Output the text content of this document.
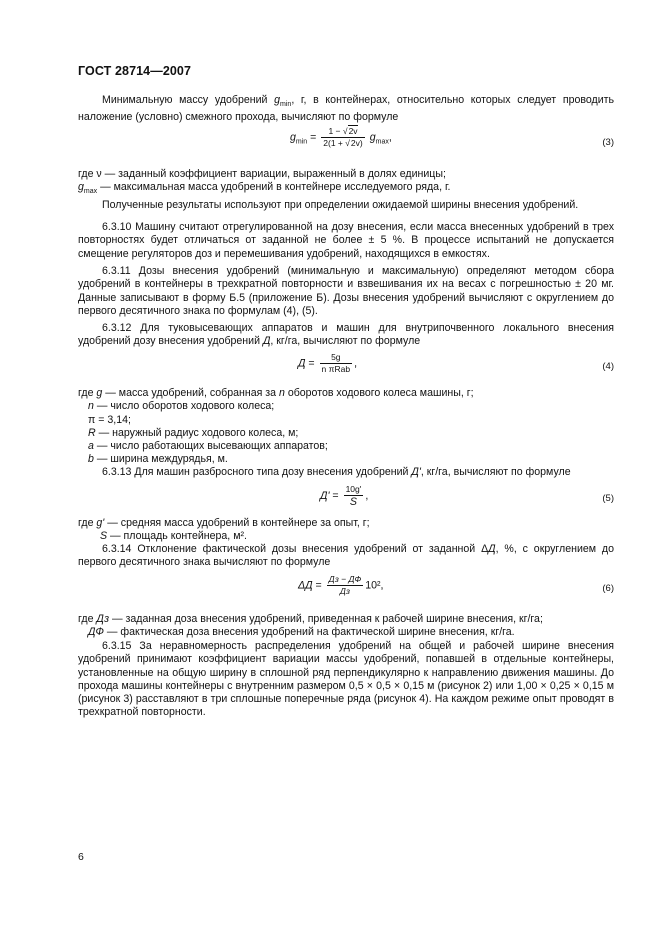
ГОСТ 28714—2007
Минимальную массу удобрений $g_{min}$, г, в контейнерах, относительно которых следует проводить наложение (условно) смежного прохода, вычисляют по формуле
$g_{min} = \frac{1 - √2v}{2(1 + √2v)} g_{max}$,	(3)
где ν — заданный коэффициент вариации, выраженный в долях единицы;
$g_{max}$ — максимальная масса удобрений в контейнере исследуемого ряда, г.
Полученные результаты используют при определении ожидаемой ширины внесения удобрений.
6.3.10 Машину считают отрегулированной на дозу внесения, если масса внесенных удобрений в трех повторностях будет отличаться от заданной не более ± 5 %. В процессе испытаний не допускается смещение регуляторов доз и перемешивания удобрений, находящихся в емкостях.
6.3.11 Дозы внесения удобрений (минимальную и максимальную) определяют методом сбора удобрений в контейнеры в трехкратной повторности и взвешивания их на весах с погрешностью ± 20 мг. Данные записывают в форму Б.5 (приложение Б). Дозы внесения удобрений вычисляют с округлением до первого десятичного знака по формулам (4), (5).
6.3.12 Для туковысевающих аппаратов и машин для внутрипочвенного локального внесения удобрений дозу внесения удобрений Д, кг/га, вычисляют по формуле
$Д = \frac{5g}{\text{n πRab}}$ ,	(4)
где g — масса удобрений, собранная за n оборотов ходового колеса машины, г;
n — число оборотов ходового колеса;
π = 3,14;
R — наружный радиус ходового колеса, м;
a — число работающих высевающих аппаратов;
b — ширина междурядья, м.
6.3.13 Для машин разбросного типа дозу внесения удобрений Д', кг/га, вычисляют по формуле
$Д' = \frac{10g'}{S}$ ,	(5)
где g' — средняя масса удобрений в контейнере за опыт, г;
S — площадь контейнера, м².
6.3.14 Отклонение фактической дозы внесения удобрений от заданной ΔД, %, с округлением до первого десятичного знака вычисляют по формуле
$\Delta Д = \frac{Дз - ДФ}{Дз} 10^2$,	(6)
где Дз — заданная доза внесения удобрений, приведенная к рабочей ширине внесения, кг/га;
ДФ — фактическая доза внесения удобрений на фактической ширине внесения, кг/га.
6.3.15 За неравномерность распределения удобрений на общей и рабочей ширине внесения удобрений принимают коэффициент вариации массы удобрений, попавшей в отдельные контейнеры, установленные на общую ширину в сплошной ряд перпендикулярно к направлению движения машины. До прохода машины контейнеры с внутренним размером 0,5 × 0,5 × 0,15 м (рисунок 2) или 1,00 × 0,25 × 0,15 м (рисунок 3) расставляют в три сплошные поперечные ряда (рисунок 4). На каждом режиме опыт проводят в трехкратной повторности.
6
